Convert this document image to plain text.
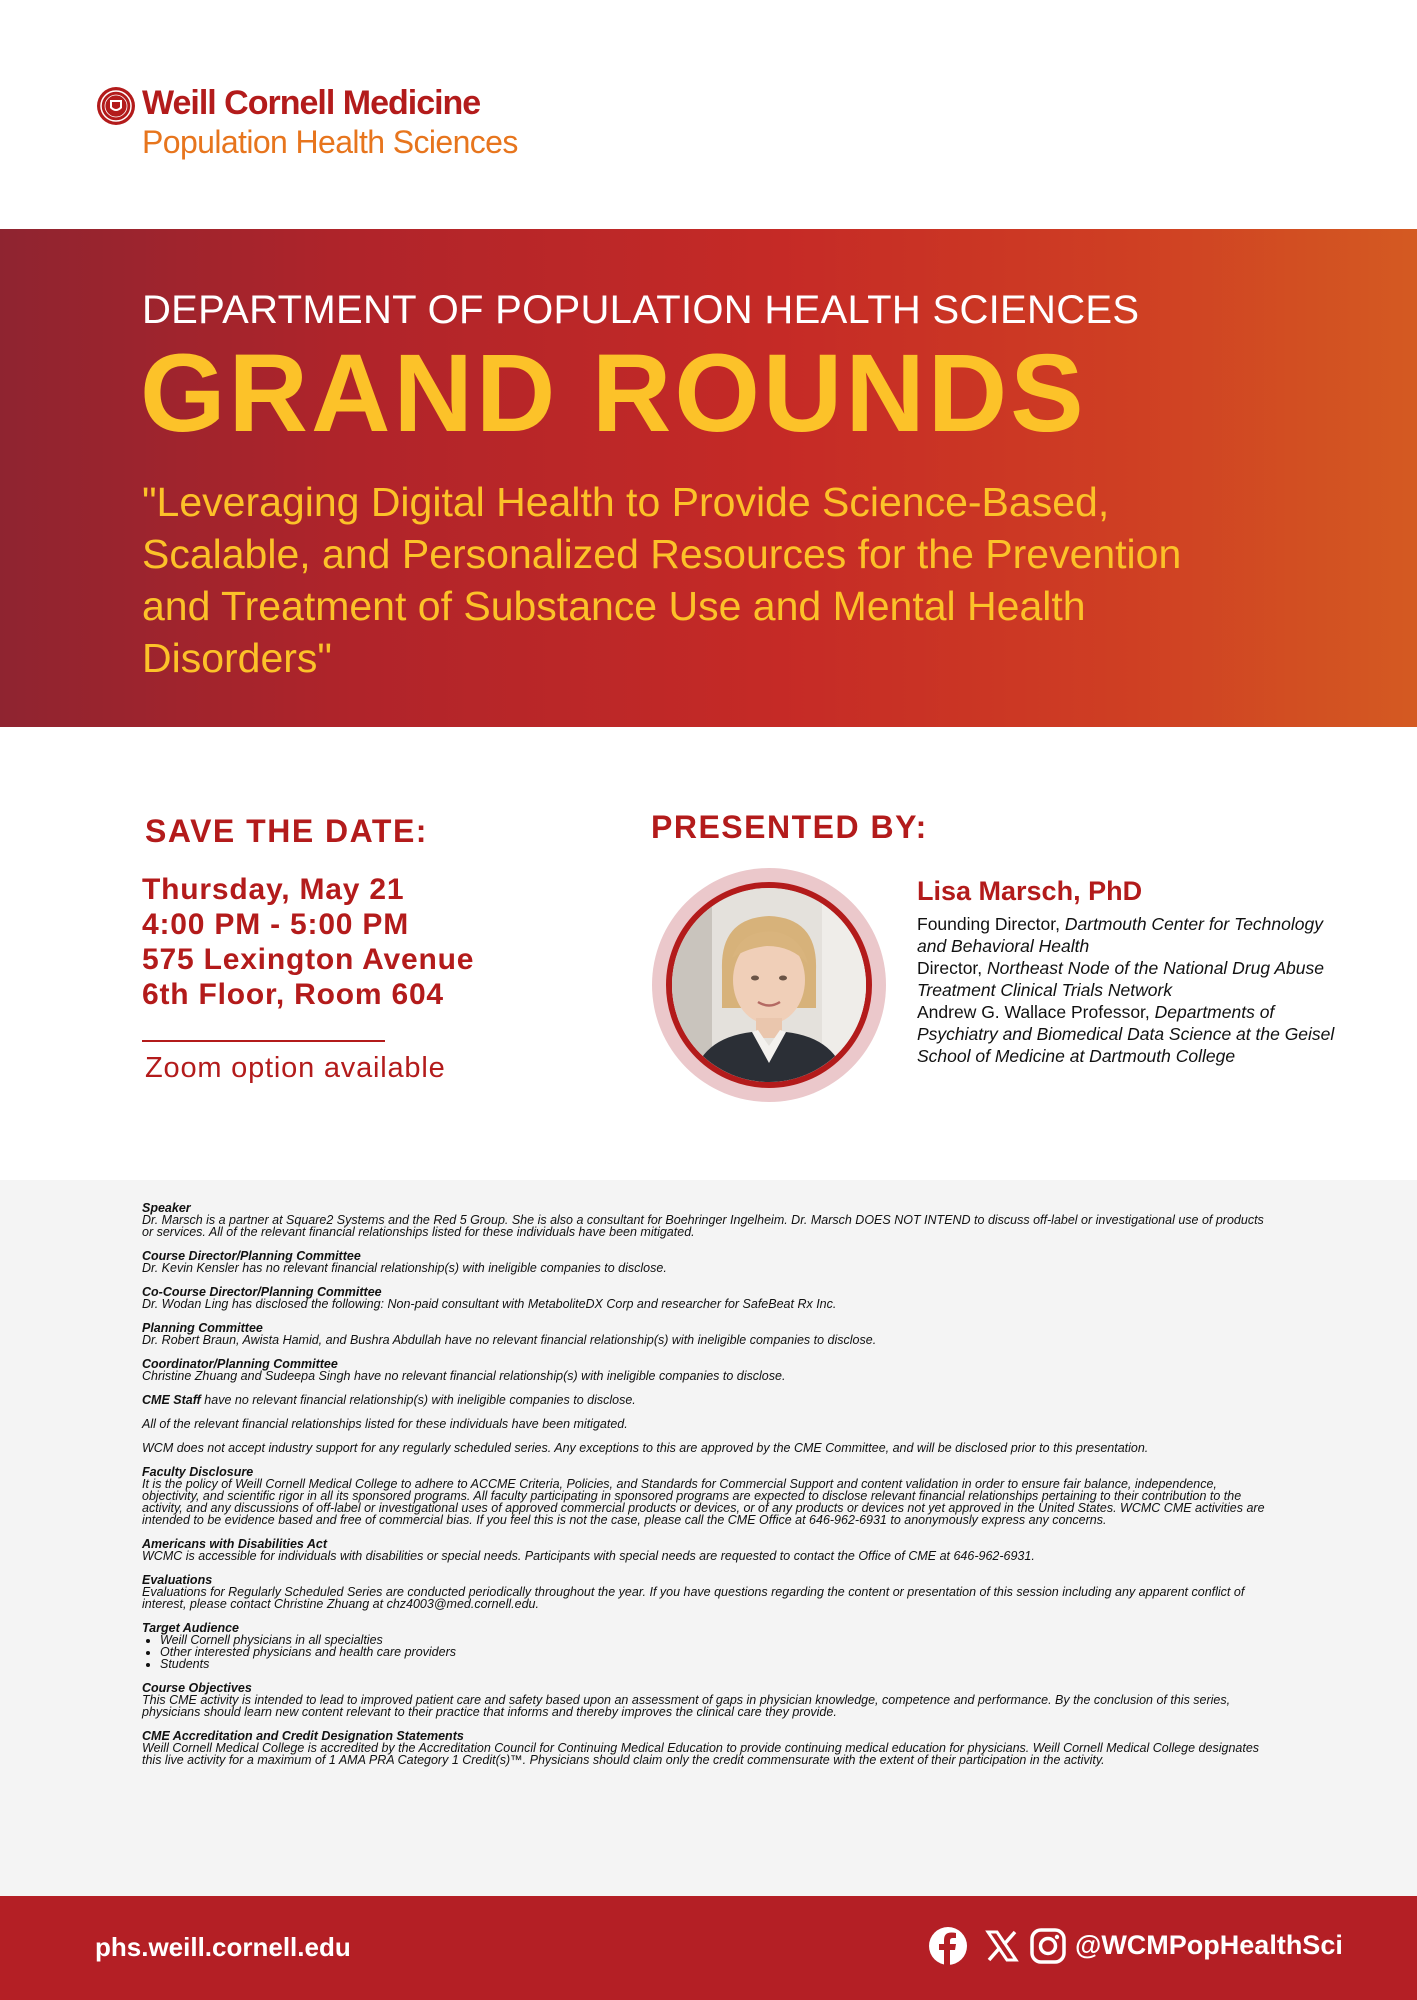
Weill Cornell Medicine
Population Health Sciences
DEPARTMENT OF POPULATION HEALTH SCIENCES
GRAND ROUNDS
"Leveraging Digital Health to Provide Science-Based, Scalable, and Personalized Resources for the Prevention and Treatment of Substance Use and Mental Health Disorders"
SAVE THE DATE:
Thursday, May 21
4:00 PM - 5:00 PM
575 Lexington Avenue
6th Floor, Room 604
Zoom option available
PRESENTED BY:
Lisa Marsch, PhD
Founding Director, Dartmouth Center for Technology and Behavioral Health
Director, Northeast Node of the National Drug Abuse Treatment Clinical Trials Network
Andrew G. Wallace Professor, Departments of Psychiatry and Biomedical Data Science at the Geisel School of Medicine at Dartmouth College

Speaker
Dr. Marsch is a partner at Square2 Systems and the Red 5 Group. She is also a consultant for Boehringer Ingelheim. Dr. Marsch DOES NOT INTEND to discuss off-label or investigational use of products or services. All of the relevant financial relationships listed for these individuals have been mitigated.

Course Director/Planning Committee
Dr. Kevin Kensler has no relevant financial relationship(s) with ineligible companies to disclose.

Co-Course Director/Planning Committee
Dr. Wodan Ling has disclosed the following: Non-paid consultant with MetaboliteDX Corp and researcher for SafeBeat Rx Inc.

Planning Committee
Dr. Robert Braun, Awista Hamid, and Bushra Abdullah have no relevant financial relationship(s) with ineligible companies to disclose.

Coordinator/Planning Committee
Christine Zhuang and Sudeepa Singh have no relevant financial relationship(s) with ineligible companies to disclose.

CME Staff have no relevant financial relationship(s) with ineligible companies to disclose.

All of the relevant financial relationships listed for these individuals have been mitigated.

WCM does not accept industry support for any regularly scheduled series. Any exceptions to this are approved by the CME Committee, and will be disclosed prior to this presentation.

Faculty Disclosure
It is the policy of Weill Cornell Medical College to adhere to ACCME Criteria, Policies, and Standards for Commercial Support and content validation in order to ensure fair balance, independence, objectivity, and scientific rigor in all its sponsored programs. All faculty participating in sponsored programs are expected to disclose relevant financial relationships pertaining to their contribution to the activity, and any discussions of off-label or investigational uses of approved commercial products or devices, or of any products or devices not yet approved in the United States. WCMC CME activities are intended to be evidence based and free of commercial bias. If you feel this is not the case, please call the CME Office at 646-962-6931 to anonymously express any concerns.

Americans with Disabilities Act
WCMC is accessible for individuals with disabilities or special needs. Participants with special needs are requested to contact the Office of CME at 646-962-6931.

Evaluations
Evaluations for Regularly Scheduled Series are conducted periodically throughout the year. If you have questions regarding the content or presentation of this session including any apparent conflict of interest, please contact Christine Zhuang at chz4003@med.cornell.edu.

Target Audience

• Weill Cornell physicians in all specialties
• Other interested physicians and health care providers
• Students

Course Objectives
This CME activity is intended to lead to improved patient care and safety based upon an assessment of gaps in physician knowledge, competence and performance. By the conclusion of this series, physicians should learn new content relevant to their practice that informs and thereby improves the clinical care they provide.

CME Accreditation and Credit Designation Statements
Weill Cornell Medical College is accredited by the Accreditation Council for Continuing Medical Education to provide continuing medical education for physicians. Weill Cornell Medical College designates this live activity for a maximum of 1 AMA PRA Category 1 Credit(s)™. Physicians should claim only the credit commensurate with the extent of their participation in the activity.

phs.weill.cornell.edu	@WCMPopHealthSci
